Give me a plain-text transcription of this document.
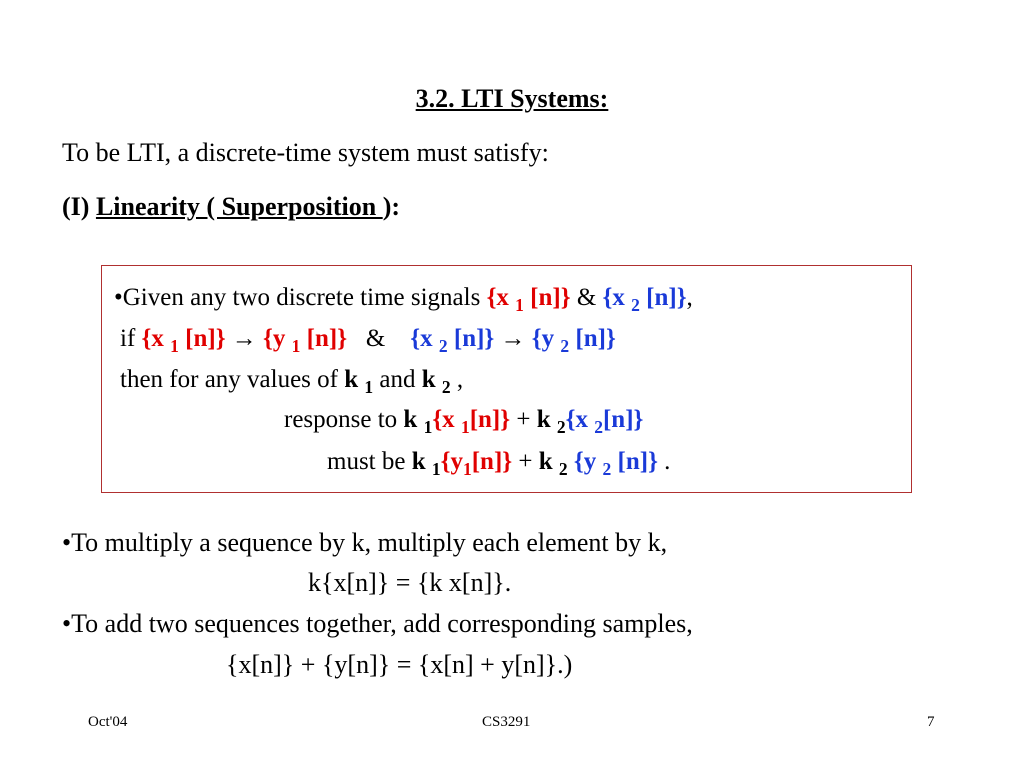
3.2. LTI Systems:
To be LTI, a discrete-time system must satisfy:
(I) Linearity ( Superposition ):
•Given any two discrete time signals {x $_1$ [n]} & {x $_2$ [n]},
if {x $_1$ [n]} → {y $_1$ [n]}   &    {x $_2$ [n]} → {y $_2$ [n]}
then for any values of k $_1$ and k $_2$ ,
response to k $_1${x $_1$[n]} + k $_2${x $_2$[n]}
must be k $_1\{y_1[n]\} + k$ $_2$ {y $_2$ [n]} .
•To multiply a sequence by k, multiply each element by k,
k{x[n]} = {k x[n]}.
•To add two sequences together, add corresponding samples,
{x[n]} + {y[n]} = {x[n] + y[n]}.)
Oct'04	CS3291	7
